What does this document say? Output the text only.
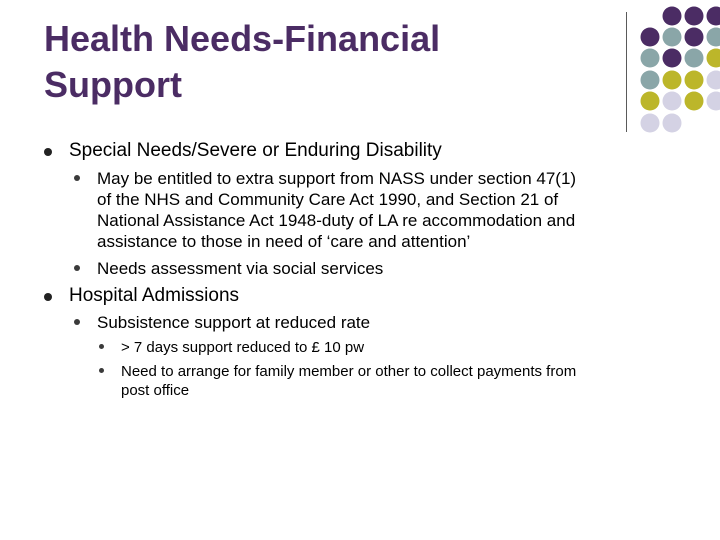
Health Needs-Financial
Support
Special Needs/Severe or Enduring Disability
May be entitled to extra support from NASS under section 47(1)
of the NHS and Community Care Act 1990, and Section 21 of
National Assistance Act 1948-duty of LA re accommodation and
assistance to those in need of ‘care and attention’
Needs assessment via social services
Hospital Admissions
Subsistence support at reduced rate
> 7 days support reduced to £ 10 pw
Need to arrange for family member or other to collect payments from
post office
